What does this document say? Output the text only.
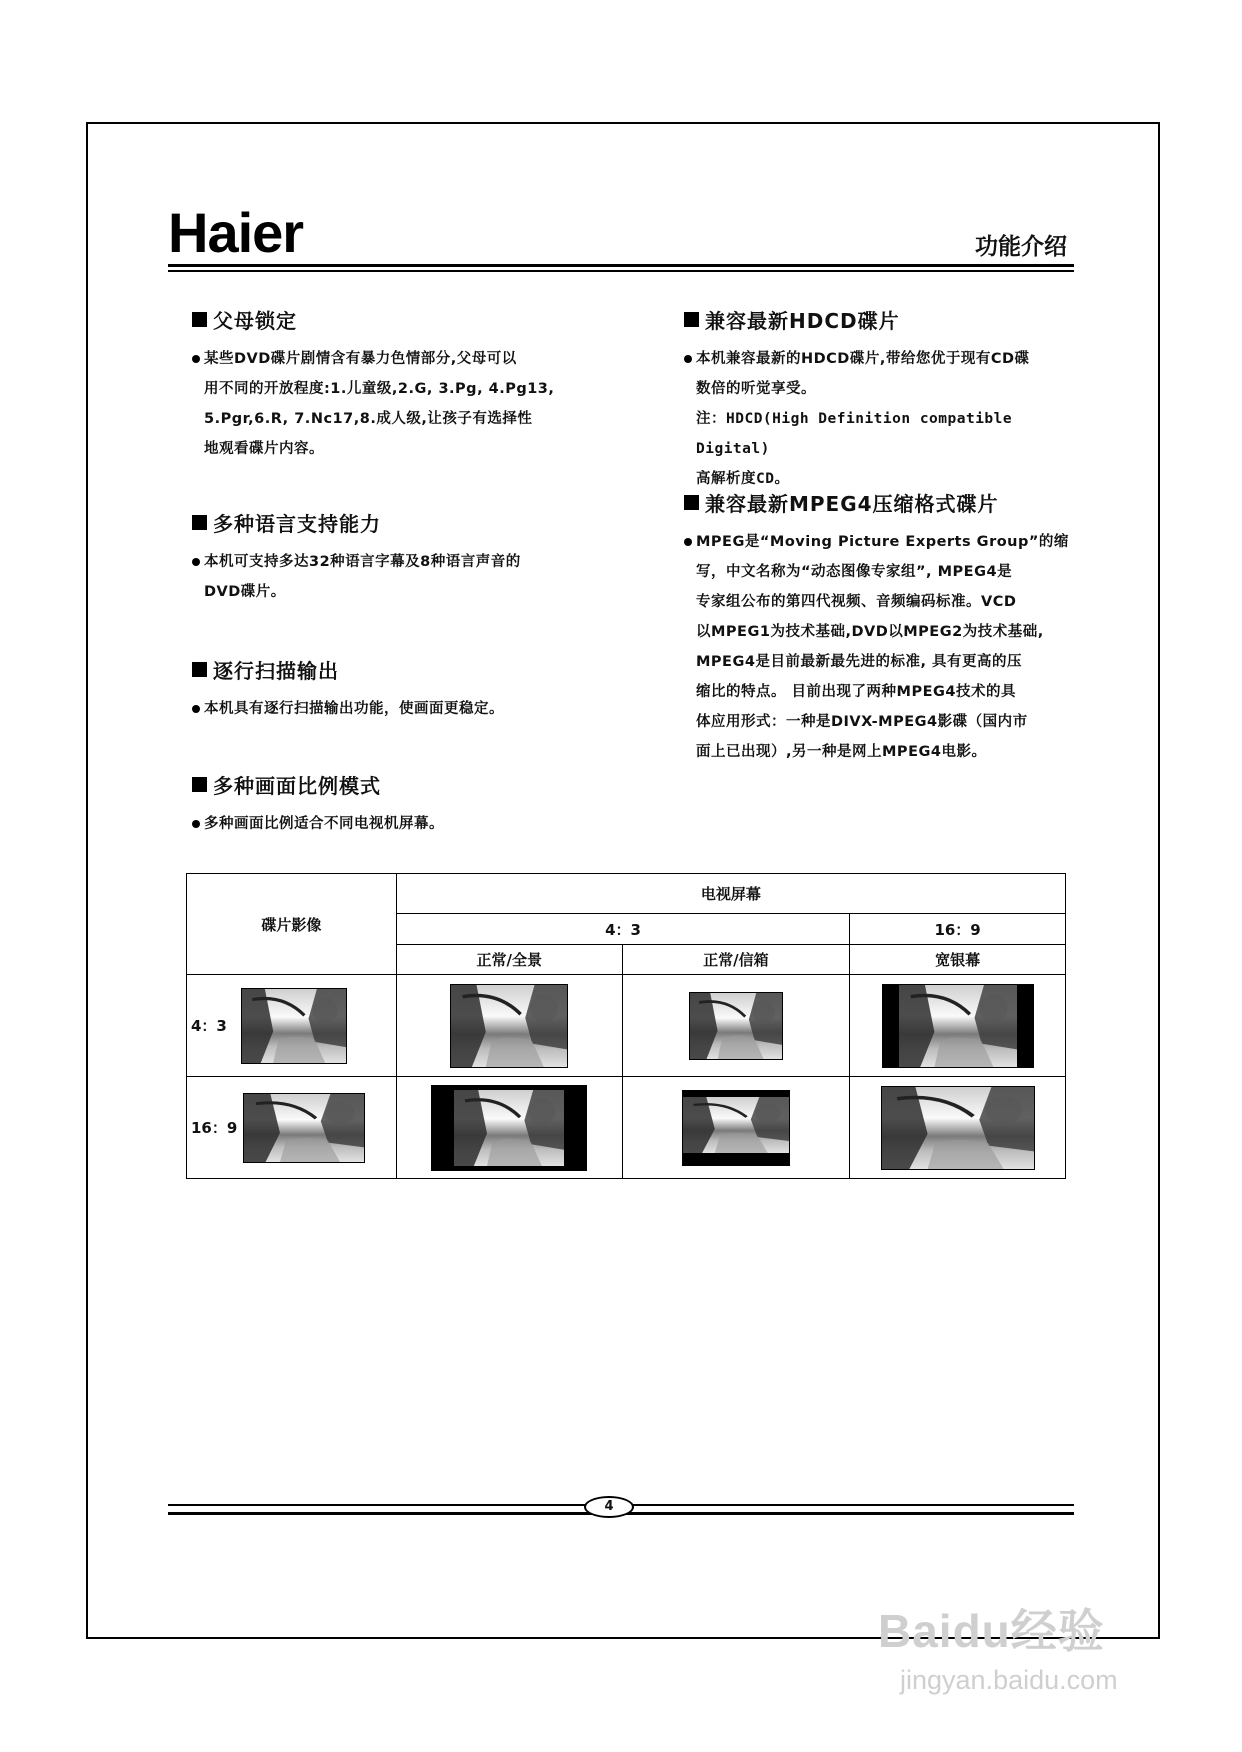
Haier	功能介绍
父母锁定

某些DVD碟片剧情含有暴力色情部分,父母可以

用不同的开放程度:1.儿童级,2.G, 3.Pg, 4.Pg13,

5.Pgr,6.R, 7.Nc17,8.成人级,让孩子有选择性

地观看碟片内容。

多种语言支持能力

本机可支持多达32种语言字幕及8种语言声音的

DVD碟片。

逐行扫描输出

本机具有逐行扫描输出功能，使画面更稳定。

多种画面比例模式

多种画面比例适合不同电视机屏幕。

兼容最新HDCD碟片

本机兼容最新的HDCD碟片,带给您优于现有CD碟

数倍的听觉享受。

注：HDCD(High Definition compatible Digital)

高解析度CD。

兼容最新MPEG4压缩格式碟片

MPEG是“Moving Picture Experts Group”的缩

写，中文名称为“动态图像专家组”, MPEG4是

专家组公布的第四代视频、音频编码标准。VCD

以MPEG1为技术基础,DVD以MPEG2为技术基础,

MPEG4是目前最新最先进的标准, 具有更高的压

缩比的特点。 目前出现了两种MPEG4技术的具

体应用形式：一种是DIVX-MPEG4影碟（国内市

面上已出现）,另一种是网上MPEG4电影。

碟片影像	电视屏幕		
	4：3		16：9
	正常/全景	正常/信箱	宽银幕

4：3

16：9

4
Baidu经验
jingyan.baidu.com
